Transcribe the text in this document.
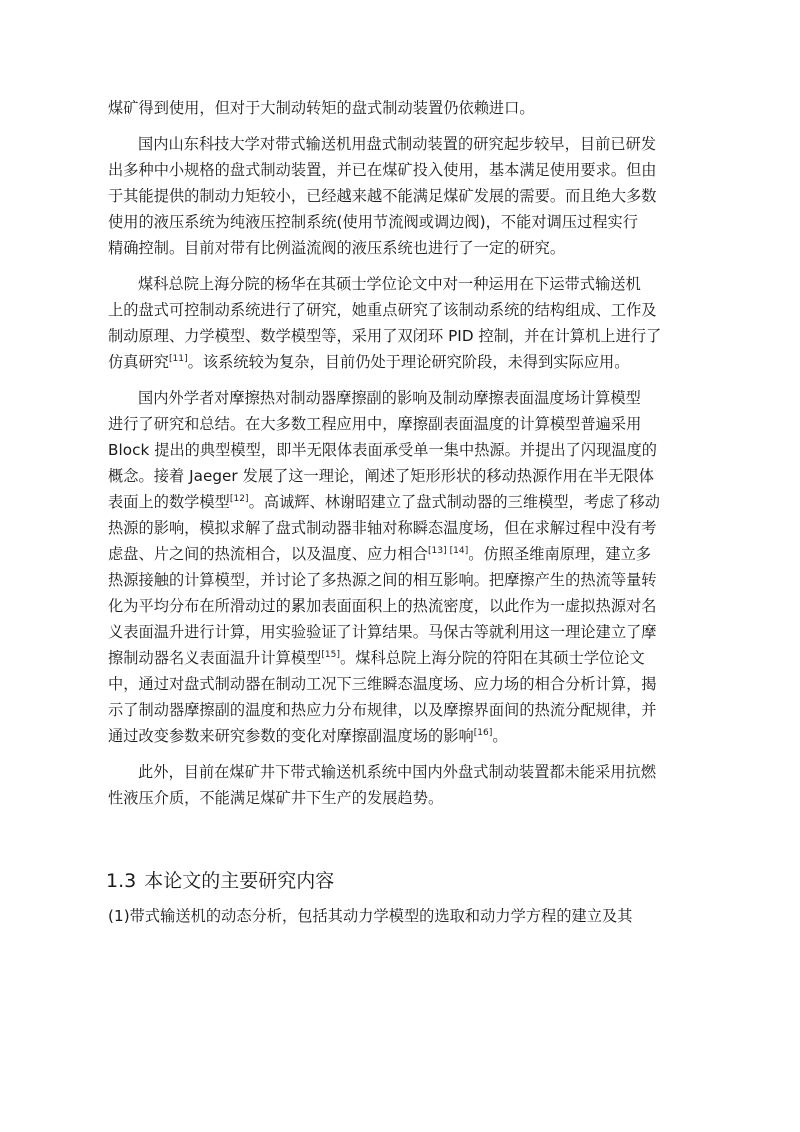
煤矿得到使用，但对于大制动转矩的盘式制动装置仍依赖进口。
国内山东科技大学对带式输送机用盘式制动装置的研究起步较早，目前已研发
出多种中小规格的盘式制动装置，并已在煤矿投入使用，基本满足使用要求。但由
于其能提供的制动力矩较小，已经越来越不能满足煤矿发展的需要。而且绝大多数
使用的液压系统为纯液压控制系统(使用节流阀或调边阀)，不能对调压过程实行
精确控制。目前对带有比例溢流阀的液压系统也进行了一定的研究。
煤科总院上海分院的杨华在其硕士学位论文中对一种运用在下运带式输送机
上的盘式可控制动系统进行了研究，她重点研究了该制动系统的结构组成、工作及
制动原理、力学模型、数学模型等，采用了双闭环 PID 控制，并在计算机上进行了
仿真研究[11]。该系统较为复杂，目前仍处于理论研究阶段，未得到实际应用。
国内外学者对摩擦热对制动器摩擦副的影响及制动摩擦表面温度场计算模型
进行了研究和总结。在大多数工程应用中，摩擦副表面温度的计算模型普遍采用
Block 提出的典型模型，即半无限体表面承受单一集中热源。并提出了闪现温度的
概念。接着 Jaeger 发展了这一理论，阐述了矩形形状的移动热源作用在半无限体
表面上的数学模型[12]。高诚辉、林谢昭建立了盘式制动器的三维模型，考虑了移动
热源的影响，模拟求解了盘式制动器非轴对称瞬态温度场，但在求解过程中没有考
虑盘、片之间的热流相合，以及温度、应力相合[13] [14]。仿照圣维南原理，建立多
热源接触的计算模型，并讨论了多热源之间的相互影响。把摩擦产生的热流等量转
化为平均分布在所滑动过的累加表面面积上的热流密度，以此作为一虚拟热源对名
义表面温升进行计算，用实验验证了计算结果。马保古等就利用这一理论建立了摩
擦制动器名义表面温升计算模型[15]。煤科总院上海分院的符阳在其硕士学位论文
中，通过对盘式制动器在制动工况下三维瞬态温度场、应力场的相合分析计算，揭
示了制动器摩擦副的温度和热应力分布规律，以及摩擦界面间的热流分配规律，并
通过改变参数来研究参数的变化对摩擦副温度场的影响[16]。
此外，目前在煤矿井下带式输送机系统中国内外盘式制动装置都未能采用抗燃
性液压介质，不能满足煤矿井下生产的发展趋势。
1.3 本论文的主要研究内容
(1)带式输送机的动态分析，包括其动力学模型的选取和动力学方程的建立及其
